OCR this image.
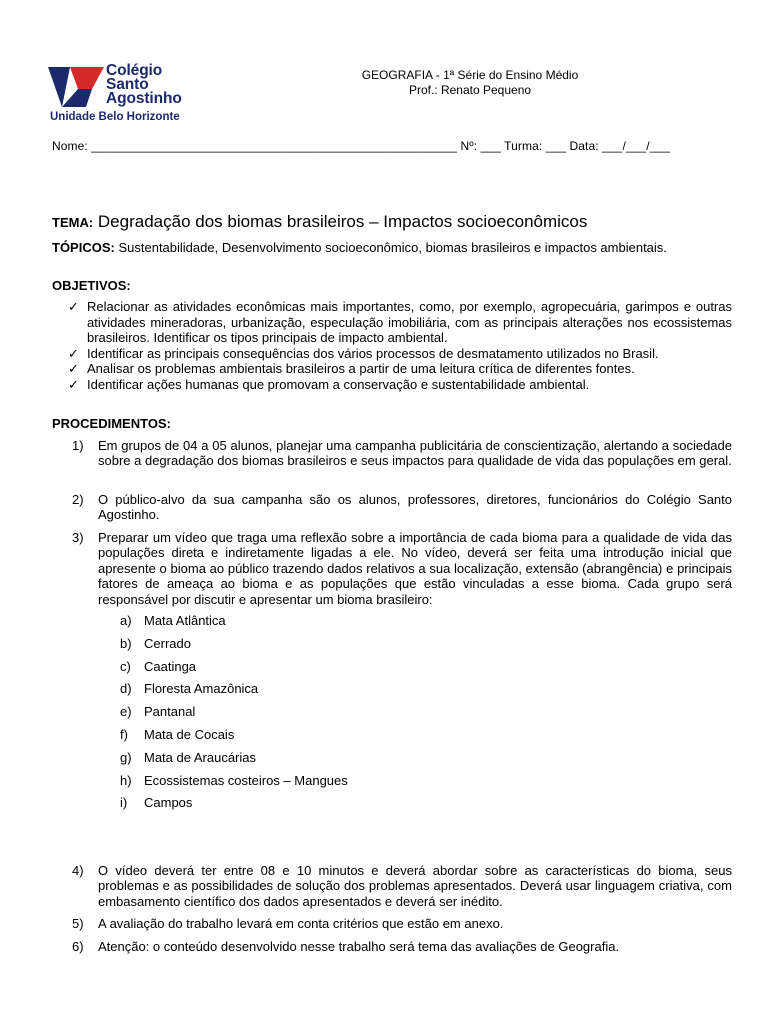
Colégio
Santo
Agostinho
Unidade Belo Horizonte
GEOGRAFIA - 1ª Série do Ensino Médio
Prof.: Renato Pequeno
Nome: ______________________________________________________ Nº: ___ Turma: ___ Data: ___/___/___
TEMA: Degradação dos biomas brasileiros – Impactos socioeconômicos
TÓPICOS: Sustentabilidade, Desenvolvimento socioeconômico, biomas brasileiros e impactos ambientais.
OBJETIVOS:
✓ Relacionar as atividades econômicas mais importantes, como, por exemplo, agropecuária, garimpos e outras atividades mineradoras, urbanização, especulação imobiliária, com as principais alterações nos ecossistemas brasileiros. Identificar os tipos principais de impacto ambiental.
✓ Identificar as principais consequências dos vários processos de desmatamento utilizados no Brasil.
✓ Analisar os problemas ambientais brasileiros a partir de uma leitura crítica de diferentes fontes.
✓ Identificar ações humanas que promovam a conservação e sustentabilidade ambiental.
PROCEDIMENTOS:
1) Em grupos de 04 a 05 alunos, planejar uma campanha publicitária de conscientização, alertando a sociedade sobre a degradação dos biomas brasileiros e seus impactos para qualidade de vida das populações em geral.
2) O público-alvo da sua campanha são os alunos, professores, diretores, funcionários do Colégio Santo Agostinho.
3) Preparar um vídeo que traga uma reflexão sobre a importância de cada bioma para a qualidade de vida das populações direta e indiretamente ligadas a ele. No vídeo, deverá ser feita uma introdução inicial que apresente o bioma ao público trazendo dados relativos a sua localização, extensão (abrangência) e principais fatores de ameaça ao bioma e as populações que estão vinculadas a esse bioma. Cada grupo será responsável por discutir e apresentar um bioma brasileiro:
a) Mata Atlântica
b) Cerrado
c) Caatinga
d) Floresta Amazônica
e) Pantanal
f) Mata de Cocais
g) Mata de Araucárias
h) Ecossistemas costeiros – Mangues
i) Campos
4) O vídeo deverá ter entre 08 e 10 minutos e deverá abordar sobre as características do bioma, seus problemas e as possibilidades de solução dos problemas apresentados. Deverá usar linguagem criativa, com embasamento científico dos dados apresentados e deverá ser inédito.
5) A avaliação do trabalho levará em conta critérios que estão em anexo.
6) Atenção: o conteúdo desenvolvido nesse trabalho será tema das avaliações de Geografia.
